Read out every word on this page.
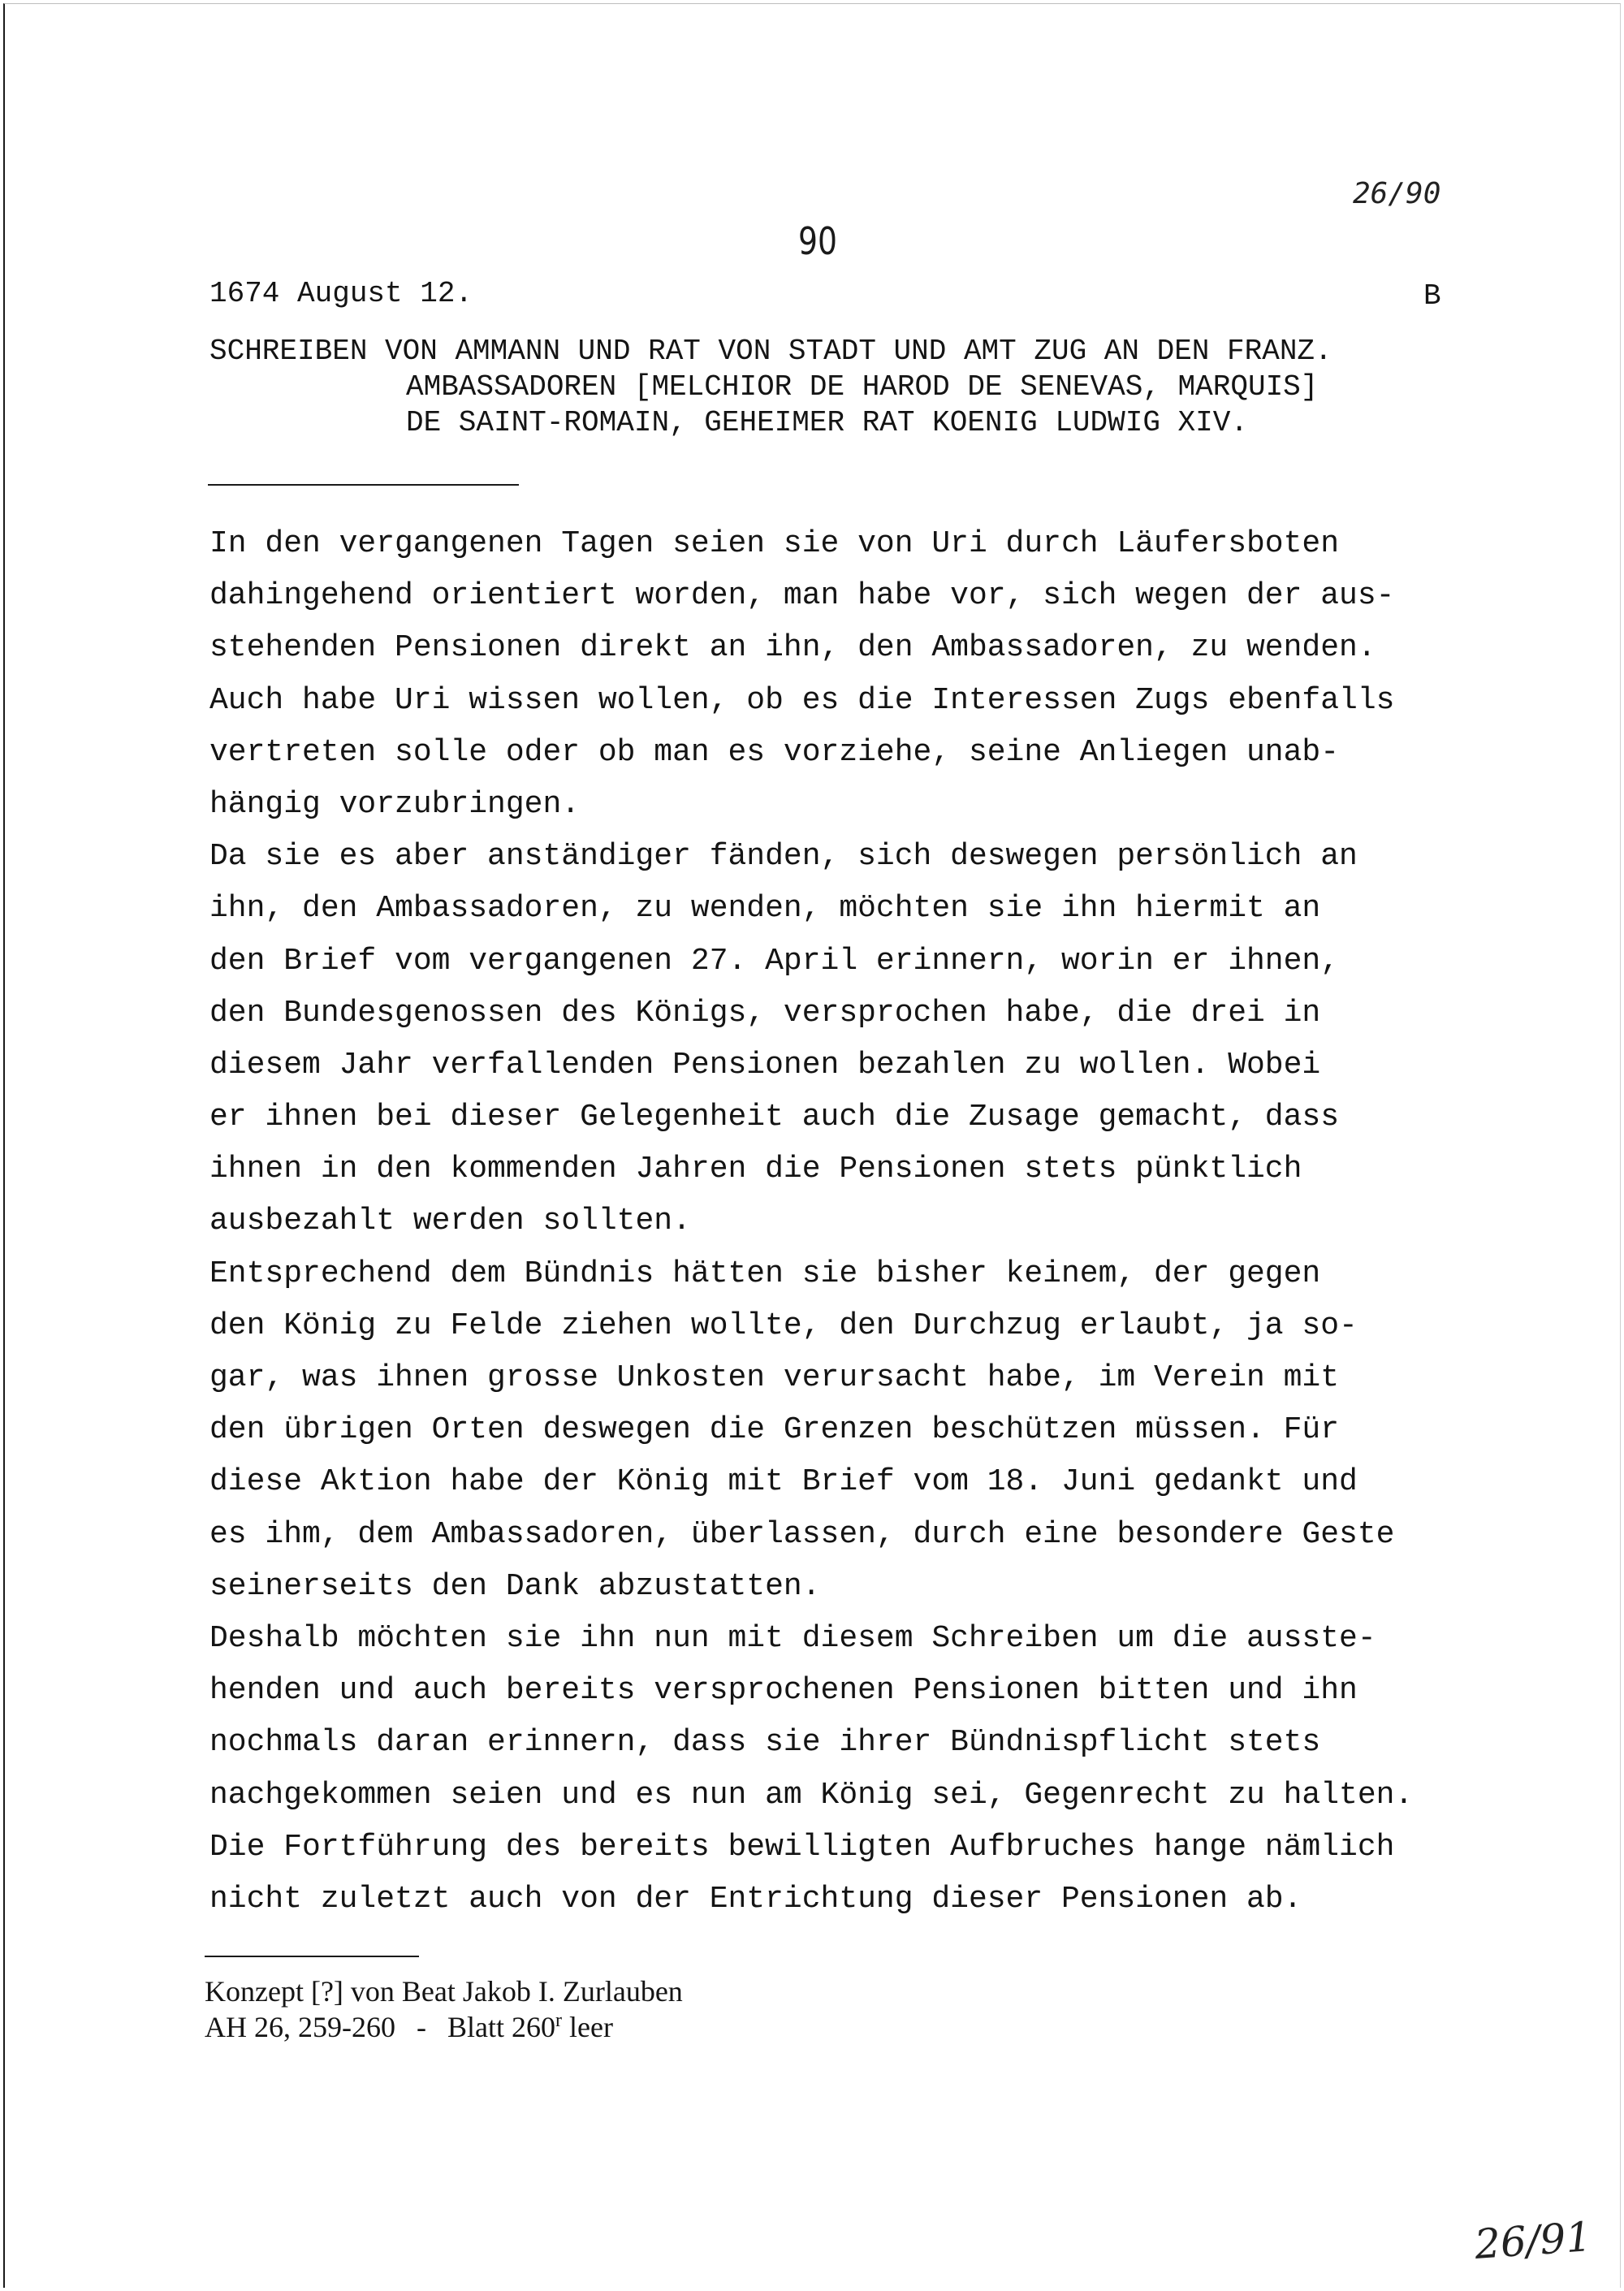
26/90
90
1674 August 12.	B
SCHREIBEN VON AMMANN UND RAT VON STADT UND AMT ZUG AN DEN FRANZ.
AMBASSADOREN [MELCHIOR DE HAROD DE SENEVAS, MARQUIS]
DE SAINT-ROMAIN, GEHEIMER RAT KOENIG LUDWIG XIV.
In den vergangenen Tagen seien sie von Uri durch Läufersboten
dahingehend orientiert worden, man habe vor, sich wegen der aus-
stehenden Pensionen direkt an ihn, den Ambassadoren, zu wenden.
Auch habe Uri wissen wollen, ob es die Interessen Zugs ebenfalls
vertreten solle oder ob man es vorziehe, seine Anliegen unab-
hängig vorzubringen.
Da sie es aber anständiger fänden, sich deswegen persönlich an
ihn, den Ambassadoren, zu wenden, möchten sie ihn hiermit an
den Brief vom vergangenen 27. April erinnern, worin er ihnen,
den Bundesgenossen des Königs, versprochen habe, die drei in
diesem Jahr verfallenden Pensionen bezahlen zu wollen. Wobei
er ihnen bei dieser Gelegenheit auch die Zusage gemacht, dass
ihnen in den kommenden Jahren die Pensionen stets pünktlich
ausbezahlt werden sollten.
Entsprechend dem Bündnis hätten sie bisher keinem, der gegen
den König zu Felde ziehen wollte, den Durchzug erlaubt, ja so-
gar, was ihnen grosse Unkosten verursacht habe, im Verein mit
den übrigen Orten deswegen die Grenzen beschützen müssen. Für
diese Aktion habe der König mit Brief vom 18. Juni gedankt und
es ihm, dem Ambassadoren, überlassen, durch eine besondere Geste
seinerseits den Dank abzustatten.
Deshalb möchten sie ihn nun mit diesem Schreiben um die ausste-
henden und auch bereits versprochenen Pensionen bitten und ihn
nochmals daran erinnern, dass sie ihrer Bündnispflicht stets
nachgekommen seien und es nun am König sei, Gegenrecht zu halten.
Die Fortführung des bereits bewilligten Aufbruches hange nämlich
nicht zuletzt auch von der Entrichtung dieser Pensionen ab.
Konzept [?] von Beat Jakob I. Zurlauben
AH 26, 259-260 - Blatt 260$^r$ leer
26/91
